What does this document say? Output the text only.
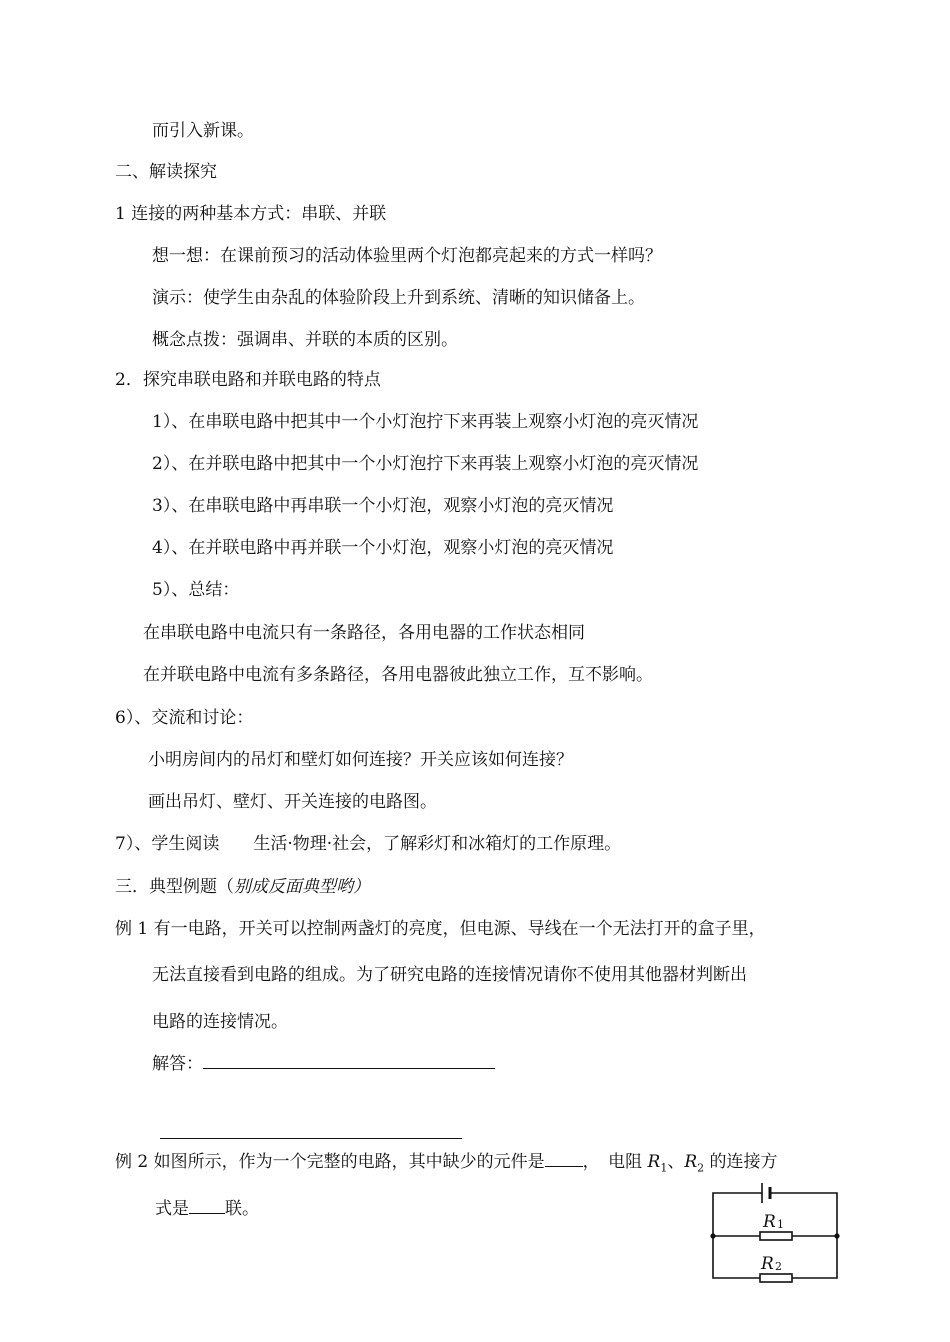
而引入新课。
二、解读探究
1 连接的两种基本方式：串联、并联
想一想：在课前预习的活动体验里两个灯泡都亮起来的方式一样吗？
演示：使学生由杂乱的体验阶段上升到系统、清晰的知识储备上。
概念点拨：强调串、并联的本质的区别。
2．探究串联电路和并联电路的特点
1）、在串联电路中把其中一个小灯泡拧下来再装上观察小灯泡的亮灭情况
2）、在并联电路中把其中一个小灯泡拧下来再装上观察小灯泡的亮灭情况
3）、在串联电路中再串联一个小灯泡，观察小灯泡的亮灭情况
4）、在并联电路中再并联一个小灯泡，观察小灯泡的亮灭情况
5）、总结：
在串联电路中电流只有一条路径，各用电器的工作状态相同
在并联电路中电流有多条路径，各用电器彼此独立工作，互不影响。
6）、交流和讨论：
小明房间内的吊灯和壁灯如何连接？开关应该如何连接？
画出吊灯、壁灯、开关连接的电路图。
7）、学生阅读　　生活·物理·社会，了解彩灯和冰箱灯的工作原理。
三．典型例题（别成反面典型哟）
例 1 有一电路，开关可以控制两盏灯的亮度，但电源、导线在一个无法打开的盒子里，
无法直接看到电路的组成。为了研究电路的连接情况请你不使用其他器材判断出
电路的连接情况。
解答：
例 2 如图所示，作为一个完整的电路，其中缺少的元件是 ，　电阻 $R_1$、$R_2$ 的连接方
式是 联。
R 1
R 2
